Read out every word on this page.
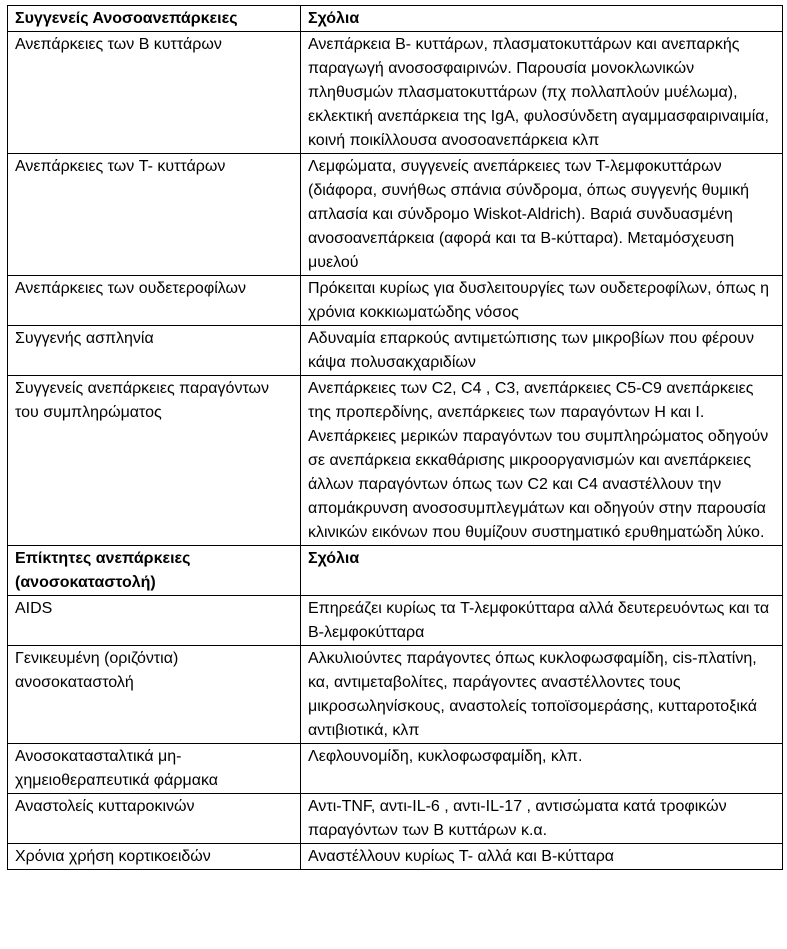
Συγγενείς Ανοσοανεπάρκειες	Σχόλια
Ανεπάρκειες των B κυττάρων	Ανεπάρκεια B- κυττάρων, πλασματοκυττάρων και ανεπαρκής παραγωγή ανοσοσφαιρινών. Παρουσία μονοκλωνικών πληθυσμών πλασματοκυττάρων (πχ πολλαπλούν μυέλωμα), εκλεκτική ανεπάρκεια της IgA, φυλοσύνδετη αγαμμασφαιριναιμία, κοινή ποικίλλουσα ανοσοανεπάρκεια κλπ
Ανεπάρκειες των T- κυττάρων	Λεμφώματα, συγγενείς ανεπάρκειες των T-λεμφοκυττάρων (διάφορα, συνήθως σπάνια σύνδρομα, όπως συγγενής θυμική απλασία και σύνδρομο Wiskot-Aldrich). Βαριά συνδυασμένη ανοσοανεπάρκεια (αφορά και τα B-κύτταρα). Μεταμόσχευση μυελού
Ανεπάρκειες των ουδετεροφίλων	Πρόκειται κυρίως για δυσλειτουργίες των ουδετεροφίλων, όπως η χρόνια κοκκιωματώδης νόσος
Συγγενής ασπληνία	Αδυναμία επαρκούς αντιμετώπισης των μικροβίων που φέρουν κάψα πολυσακχαριδίων
Συγγενείς ανεπάρκειες παραγόντων του συμπληρώματος	Ανεπάρκειες των C2, C4 , C3, ανεπάρκειες C5-C9 ανεπάρκειες της προπερδίνης, ανεπάρκειες των παραγόντων H και I. Ανεπάρκειες μερικών παραγόντων του συμπληρώματος οδηγούν σε ανεπάρκεια εκκαθάρισης μικροοργανισμών και ανεπάρκειες άλλων παραγόντων όπως των C2 και C4 αναστέλλουν την απομάκρυνση ανοσοσυμπλεγμάτων και οδηγούν στην παρουσία κλινικών εικόνων που θυμίζουν συστηματικό ερυθηματώδη λύκο.
Επίκτητες ανεπάρκειες (ανοσοκαταστολή)	Σχόλια
AIDS	Επηρεάζει κυρίως τα T-λεμφοκύτταρα αλλά δευτερευόντως και τα B-λεμφοκύτταρα
Γενικευμένη (οριζόντια) ανοσοκαταστολή	Αλκυλιούντες παράγοντες όπως κυκλοφωσφαμίδη, cis-πλατίνη, κα, αντιμεταβολίτες, παράγοντες αναστέλλοντες τους μικροσωληνίσκους, αναστολείς τοποϊσομεράσης, κυτταροτοξικά αντιβιοτικά, κλπ
Ανοσοκατασταλτικά μη-χημειοθεραπευτικά φάρμακα	Λεφλουνομίδη, κυκλοφωσφαμίδη, κλπ.
Αναστολείς κυτταροκινών	Αντι-TNF, αντι-IL-6 , αντι-IL-17 , αντισώματα κατά τροφικών παραγόντων των B κυττάρων κ.α.
Χρόνια χρήση κορτικοειδών	Αναστέλλουν κυρίως T- αλλά και B-κύτταρα
